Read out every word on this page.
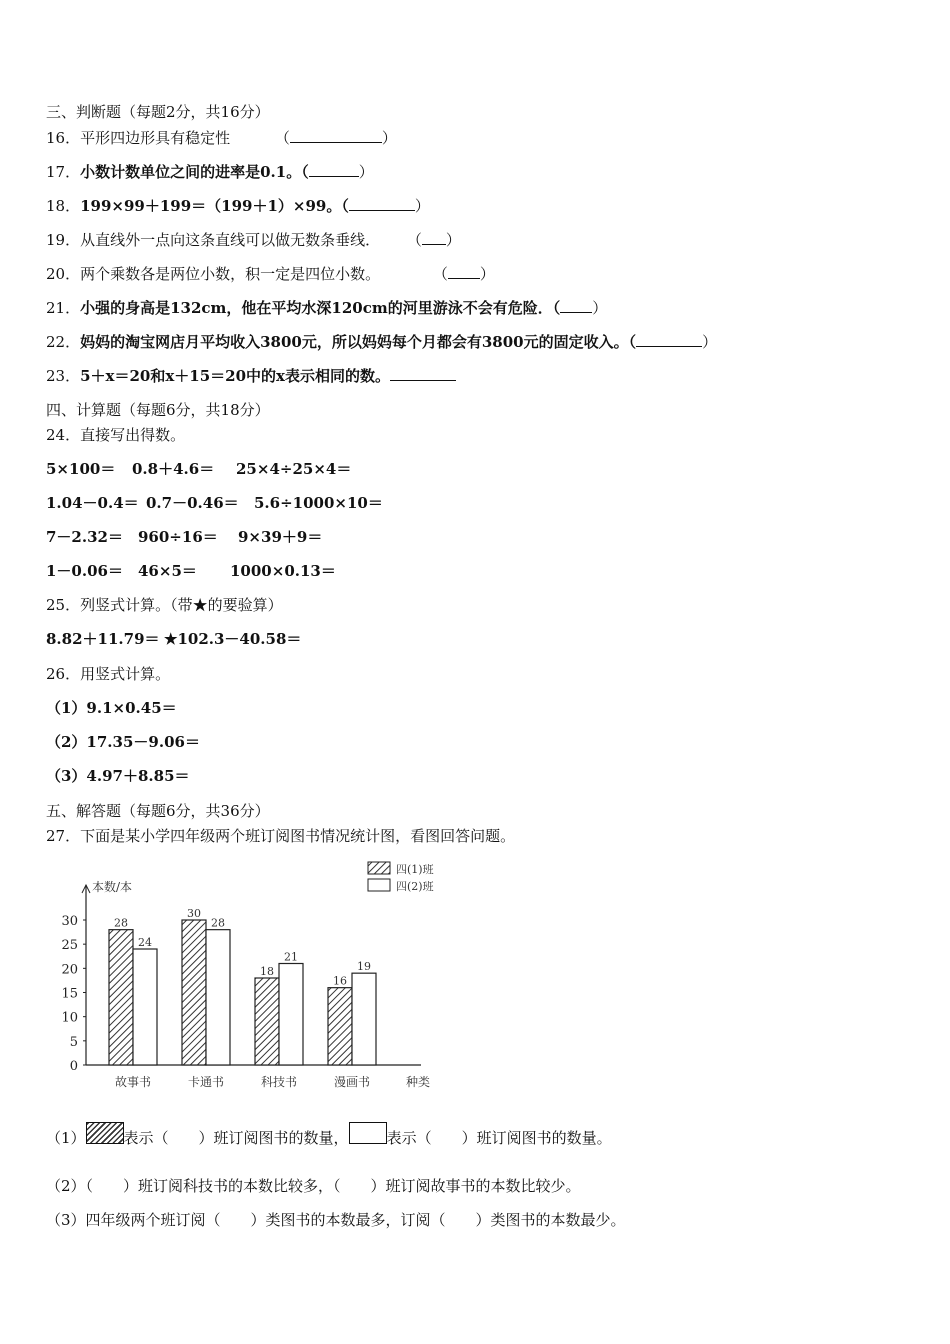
三、判断题（每题2分，共16分）
16．平形四边形具有稳定性	（	）
17．小数计数单位之间的进率是0.1。（	）
18．199×99＋199＝（199＋1）×99。（	）
19．从直线外一点向这条直线可以做无数条垂线． （ ）
20．两个乘数各是两位小数，积一定是四位小数。	（ ）
21．小强的身高是132cm，他在平均水深120cm的河里游泳不会有危险．（ ）
22．妈妈的淘宝网店月平均收入3800元，所以妈妈每个月都会有3800元的固定收入。（	）
23．5＋x＝20和x＋15＝20中的x表示相同的数。
四、计算题（每题6分，共18分）
24．直接写出得数。
5×100＝ 0.8＋4.6＝ 25×4÷25×4＝
1.04－0.4＝ 0.7－0.46＝ 5.6÷1000×10＝
7－2.32＝ 960÷16＝ 9×39＋9＝
1－0.06＝ 46×5＝ 1000×0.13＝
25．列竖式计算。（带★的要验算）
8.82＋11.79＝ ★102.3－40.58＝
26．用竖式计算。
（1）9.1×0.45＝
（2）17.35－9.06＝
（3）4.97＋8.85＝
五、解答题（每题6分，共36分）
27．下面是某小学四年级两个班订阅图书情况统计图，看图回答问题。
本数/本
种类
0
5
10
15
20
25
30	28
24
故事书
30
28
卡通书
18
21
科技书
16
19
漫画书
四(1)班
四(2)班
（1）	表示（　　）班订阅图书的数量，	表示（　　）班订阅图书的数量。
（2）（　　）班订阅科技书的本数比较多，（　　）班订阅故事书的本数比较少。
（3）四年级两个班订阅（　　）类图书的本数最多，订阅（　　）类图书的本数最少。
